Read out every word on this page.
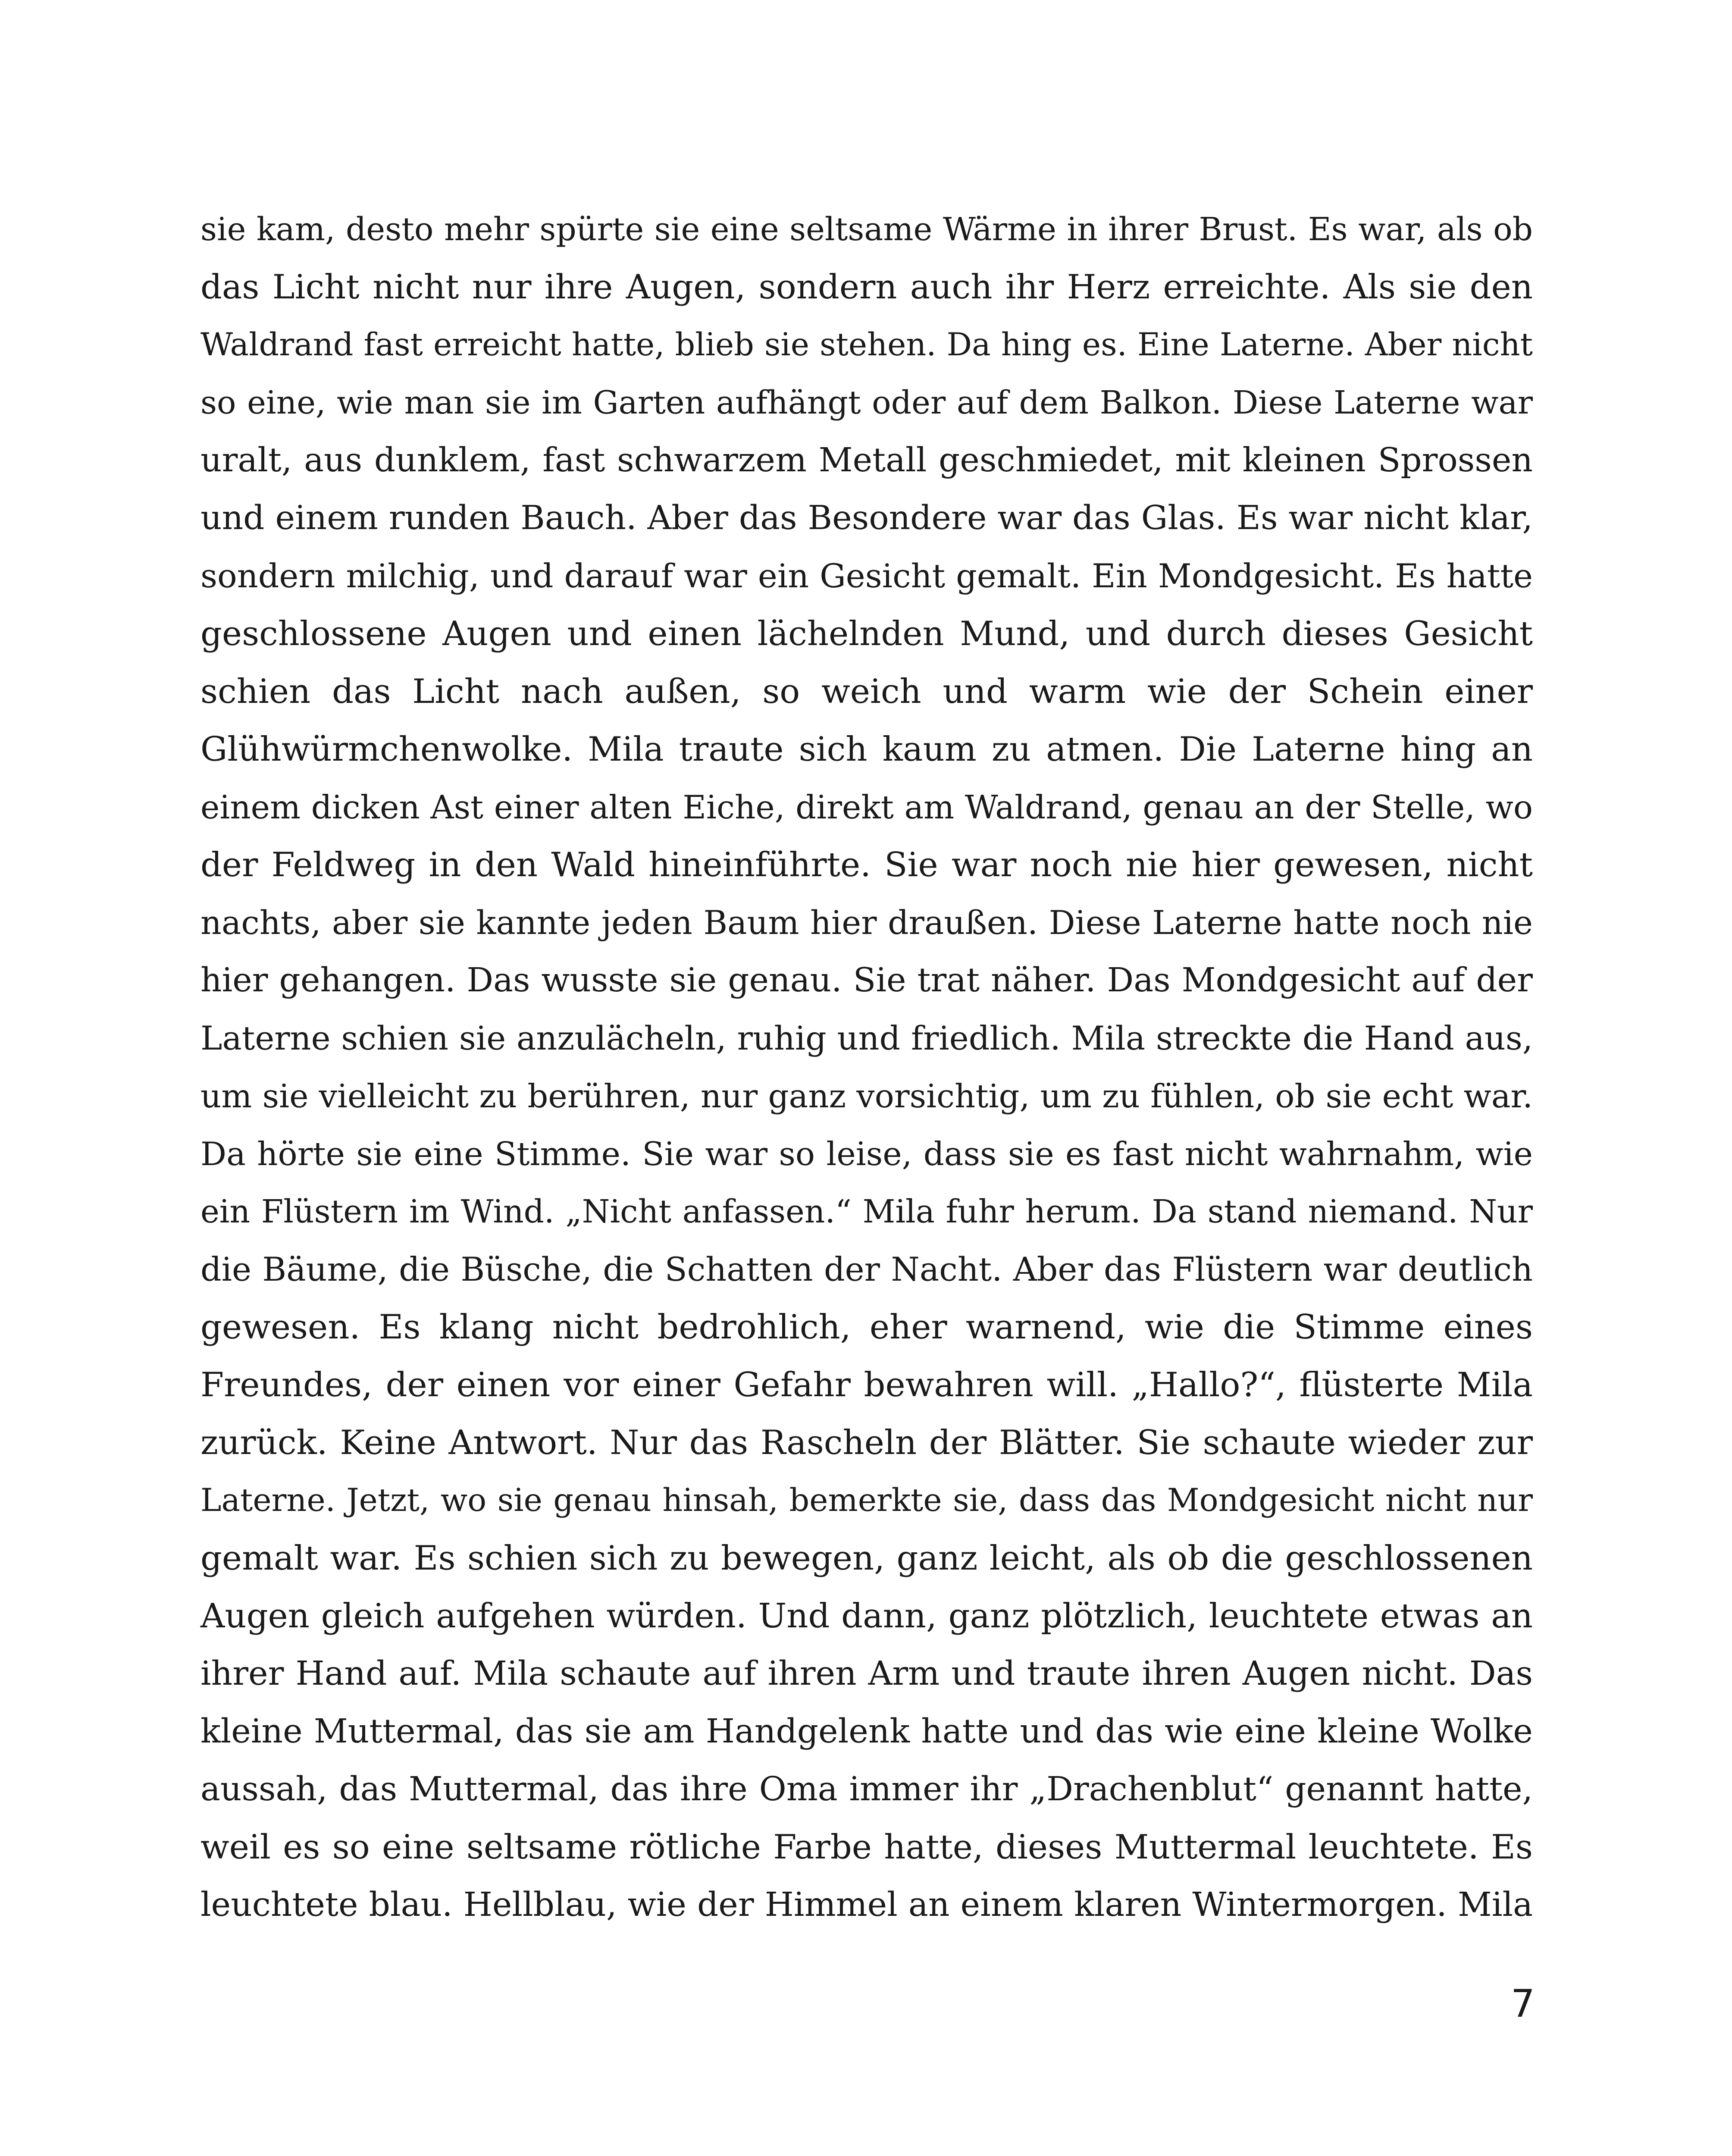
sie kam, desto mehr spürte sie eine seltsame Wärme in ihrer Brust. Es war, als ob
das Licht nicht nur ihre Augen, sondern auch ihr Herz erreichte. Als sie den
Waldrand fast erreicht hatte, blieb sie stehen. Da hing es. Eine Laterne. Aber nicht
so eine, wie man sie im Garten aufhängt oder auf dem Balkon. Diese Laterne war
uralt, aus dunklem, fast schwarzem Metall geschmiedet, mit kleinen Sprossen
und einem runden Bauch. Aber das Besondere war das Glas. Es war nicht klar,
sondern milchig, und darauf war ein Gesicht gemalt. Ein Mondgesicht. Es hatte
geschlossene Augen und einen lächelnden Mund, und durch dieses Gesicht
schien das Licht nach außen, so weich und warm wie der Schein einer
Glühwürmchenwolke. Mila traute sich kaum zu atmen. Die Laterne hing an
einem dicken Ast einer alten Eiche, direkt am Waldrand, genau an der Stelle, wo
der Feldweg in den Wald hineinführte. Sie war noch nie hier gewesen, nicht
nachts, aber sie kannte jeden Baum hier draußen. Diese Laterne hatte noch nie
hier gehangen. Das wusste sie genau. Sie trat näher. Das Mondgesicht auf der
Laterne schien sie anzulächeln, ruhig und friedlich. Mila streckte die Hand aus,
um sie vielleicht zu berühren, nur ganz vorsichtig, um zu fühlen, ob sie echt war.
Da hörte sie eine Stimme. Sie war so leise, dass sie es fast nicht wahrnahm, wie
ein Flüstern im Wind. „Nicht anfassen.“ Mila fuhr herum. Da stand niemand. Nur
die Bäume, die Büsche, die Schatten der Nacht. Aber das Flüstern war deutlich
gewesen. Es klang nicht bedrohlich, eher warnend, wie die Stimme eines
Freundes, der einen vor einer Gefahr bewahren will. „Hallo?“, flüsterte Mila
zurück. Keine Antwort. Nur das Rascheln der Blätter. Sie schaute wieder zur
Laterne. Jetzt, wo sie genau hinsah, bemerkte sie, dass das Mondgesicht nicht nur
gemalt war. Es schien sich zu bewegen, ganz leicht, als ob die geschlossenen
Augen gleich aufgehen würden. Und dann, ganz plötzlich, leuchtete etwas an
ihrer Hand auf. Mila schaute auf ihren Arm und traute ihren Augen nicht. Das
kleine Muttermal, das sie am Handgelenk hatte und das wie eine kleine Wolke
aussah, das Muttermal, das ihre Oma immer ihr „Drachenblut“ genannt hatte,
weil es so eine seltsame rötliche Farbe hatte, dieses Muttermal leuchtete. Es
leuchtete blau. Hellblau, wie der Himmel an einem klaren Wintermorgen. Mila
7
